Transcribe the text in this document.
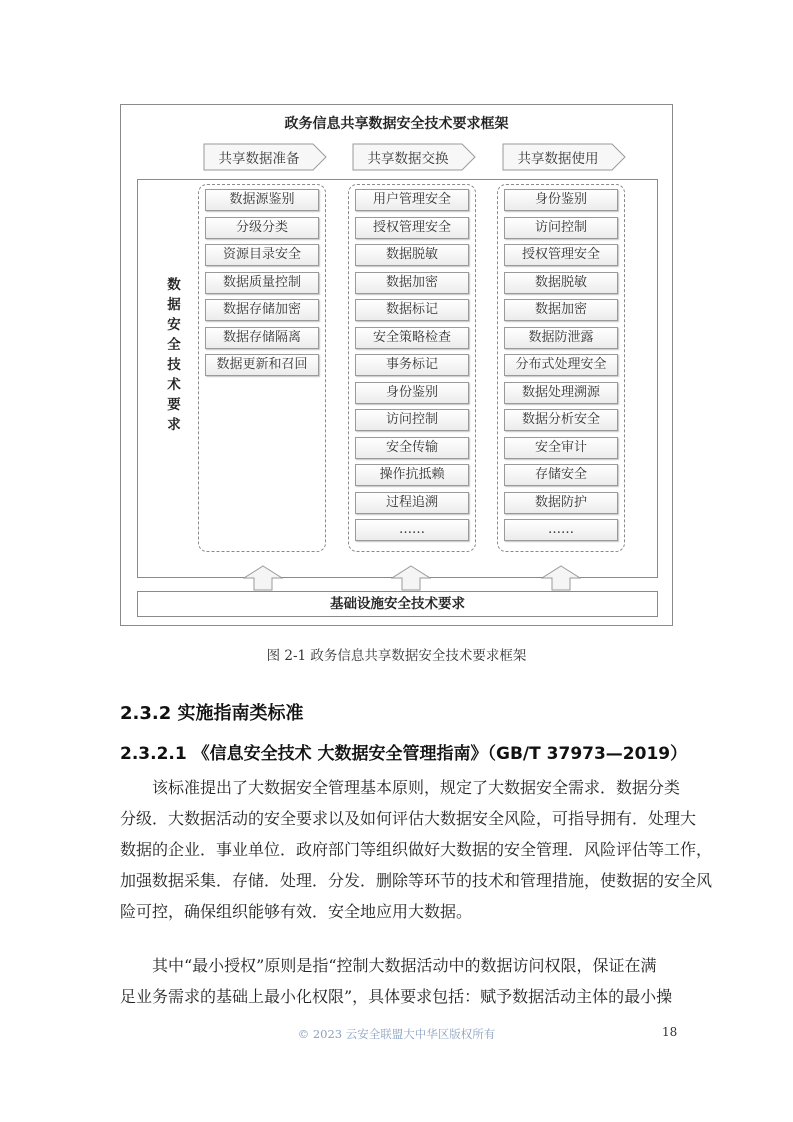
政务信息共享数据安全技术要求框架
共享数据准备	共享数据交换	共享数据使用
数据源鉴别
分级分类
资源目录安全
数据质量控制
数据存储加密
数据存储隔离
数据更新和召回
用户管理安全
授权管理安全
数据脱敏
数据加密
数据标记
安全策略检查
事务标记
身份鉴别
访问控制
安全传输
操作抗抵赖
过程追溯
……
身份鉴别
访问控制
授权管理安全
数据脱敏
数据加密
数据防泄露
分布式处理安全
数据处理溯源
数据分析安全
安全审计
存储安全
数据防护
……
数据安全技术要求
基础设施安全技术要求
图 2-1 政务信息共享数据安全技术要求框架
2.3.2 实施指南类标准
2.3.2.1 《信息安全技术 大数据安全管理指南》（GB/T 37973—2019）
该标准提出了大数据安全管理基本原则，规定了大数据安全需求．数据分类
分级．大数据活动的安全要求以及如何评估大数据安全风险，可指导拥有．处理大
数据的企业．事业单位．政府部门等组织做好大数据的安全管理．风险评估等工作，
加强数据采集．存储．处理．分发．删除等环节的技术和管理措施，使数据的安全风
险可控，确保组织能够有效．安全地应用大数据。
其中“最小授权”原则是指“控制大数据活动中的数据访问权限，保证在满
足业务需求的基础上最小化权限”，具体要求包括：赋予数据活动主体的最小操
© 2023 云安全联盟大中华区版权所有	18
